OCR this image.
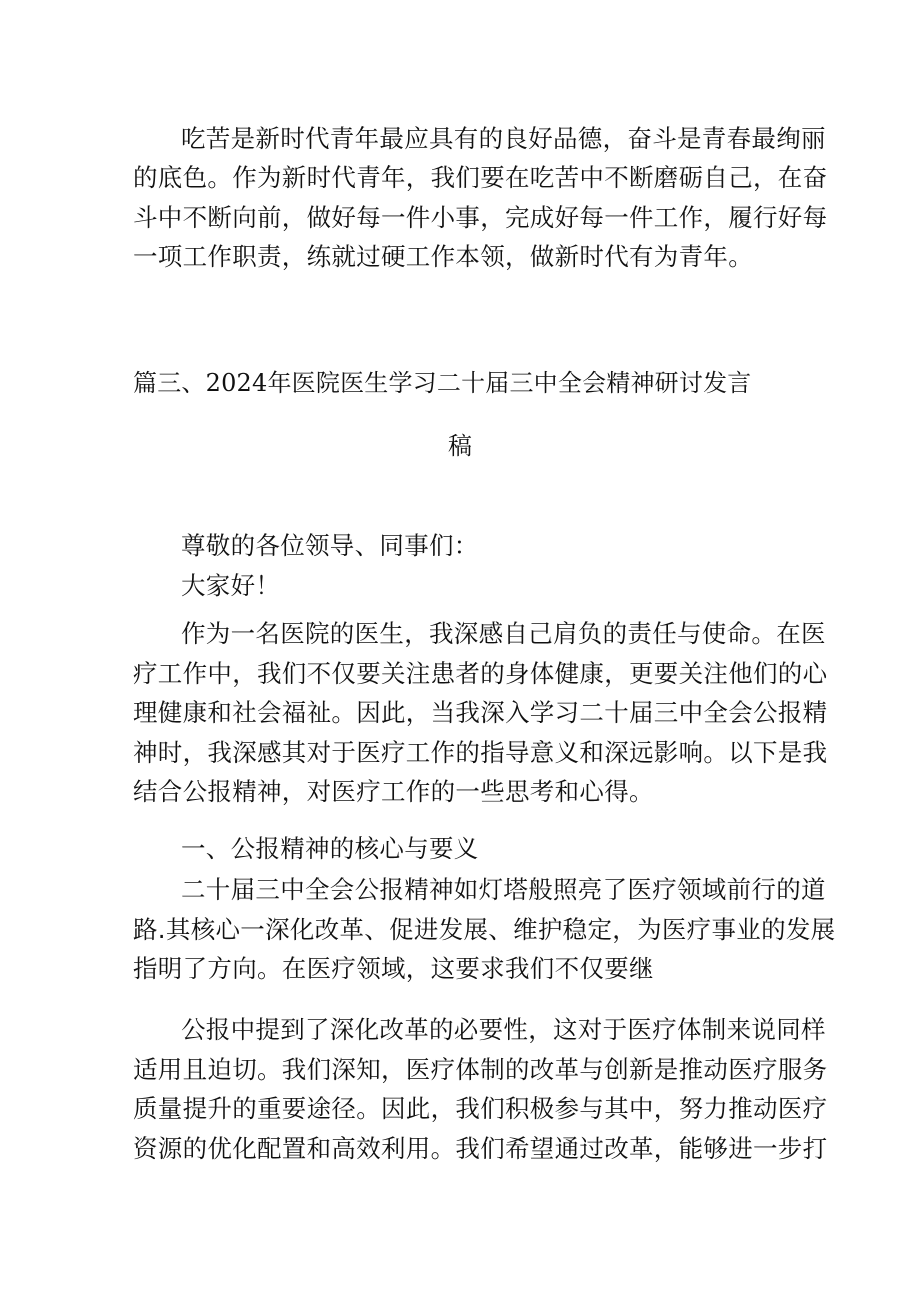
吃苦是新时代青年最应具有的良好品德，奋斗是青春最绚丽
的底色。作为新时代青年，我们要在吃苦中不断磨砺自己，在奋
斗中不断向前，做好每一件小事，完成好每一件工作，履行好每
一项工作职责，练就过硬工作本领，做新时代有为青年。
篇三、2024年医院医生学习二十届三中全会精神研讨发言
稿
尊敬的各位领导、同事们：
大家好！
作为一名医院的医生，我深感自己肩负的责任与使命。在医
疗工作中，我们不仅要关注患者的身体健康，更要关注他们的心
理健康和社会福祉。因此，当我深入学习二十届三中全会公报精
神时，我深感其对于医疗工作的指导意义和深远影响。以下是我
结合公报精神，对医疗工作的一些思考和心得。
一、公报精神的核心与要义
二十届三中全会公报精神如灯塔般照亮了医疗领域前行的道
路.其核心一深化改革、促进发展、维护稳定，为医疗事业的发展
指明了方向。在医疗领域，这要求我们不仅要继
公报中提到了深化改革的必要性，这对于医疗体制来说同样
适用且迫切。我们深知，医疗体制的改革与创新是推动医疗服务
质量提升的重要途径。因此，我们积极参与其中，努力推动医疗
资源的优化配置和高效利用。我们希望通过改革，能够进一步打
